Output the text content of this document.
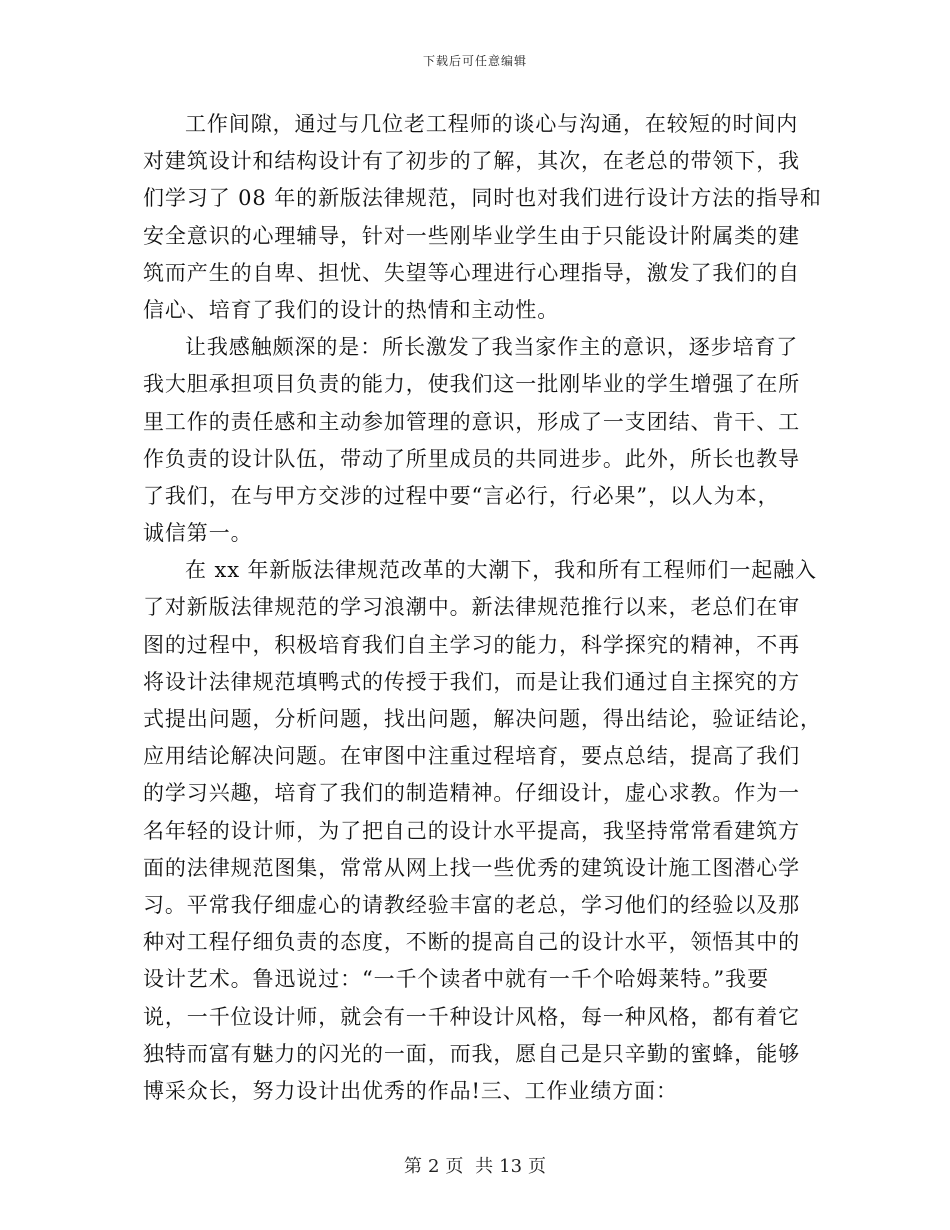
下载后可任意编辑
工作间隙，通过与几位老工程师的谈心与沟通，在较短的时间内
对建筑设计和结构设计有了初步的了解，其次，在老总的带领下，我
们学习了 08 年的新版法律规范，同时也对我们进行设计方法的指导和
安全意识的心理辅导，针对一些刚毕业学生由于只能设计附属类的建
筑而产生的自卑、担忧、失望等心理进行心理指导，激发了我们的自
信心、培育了我们的设计的热情和主动性。
让我感触颇深的是：所长激发了我当家作主的意识，逐步培育了
我大胆承担项目负责的能力，使我们这一批刚毕业的学生增强了在所
里工作的责任感和主动参加管理的意识，形成了一支团结、肯干、工
作负责的设计队伍，带动了所里成员的共同进步。此外，所长也教导
了我们，在与甲方交涉的过程中要“言必行，行必果”，以人为本，
诚信第一。
在 xx 年新版法律规范改革的大潮下，我和所有工程师们一起融入
了对新版法律规范的学习浪潮中。新法律规范推行以来，老总们在审
图的过程中，积极培育我们自主学习的能力，科学探究的精神，不再
将设计法律规范填鸭式的传授于我们，而是让我们通过自主探究的方
式提出问题，分析问题，找出问题，解决问题，得出结论，验证结论，
应用结论解决问题。在审图中注重过程培育，要点总结，提高了我们
的学习兴趣，培育了我们的制造精神。仔细设计，虚心求教。作为一
名年轻的设计师，为了把自己的设计水平提高，我坚持常常看建筑方
面的法律规范图集，常常从网上找一些优秀的建筑设计施工图潜心学
习。平常我仔细虚心的请教经验丰富的老总，学习他们的经验以及那
种对工程仔细负责的态度，不断的提高自己的设计水平，领悟其中的
设计艺术。鲁迅说过：“一千个读者中就有一千个哈姆莱特。”我要
说，一千位设计师，就会有一千种设计风格，每一种风格，都有着它
独特而富有魅力的闪光的一面，而我，愿自己是只辛勤的蜜蜂，能够
博采众长，努力设计出优秀的作品!三、工作业绩方面：
第 2 页 共 13 页
